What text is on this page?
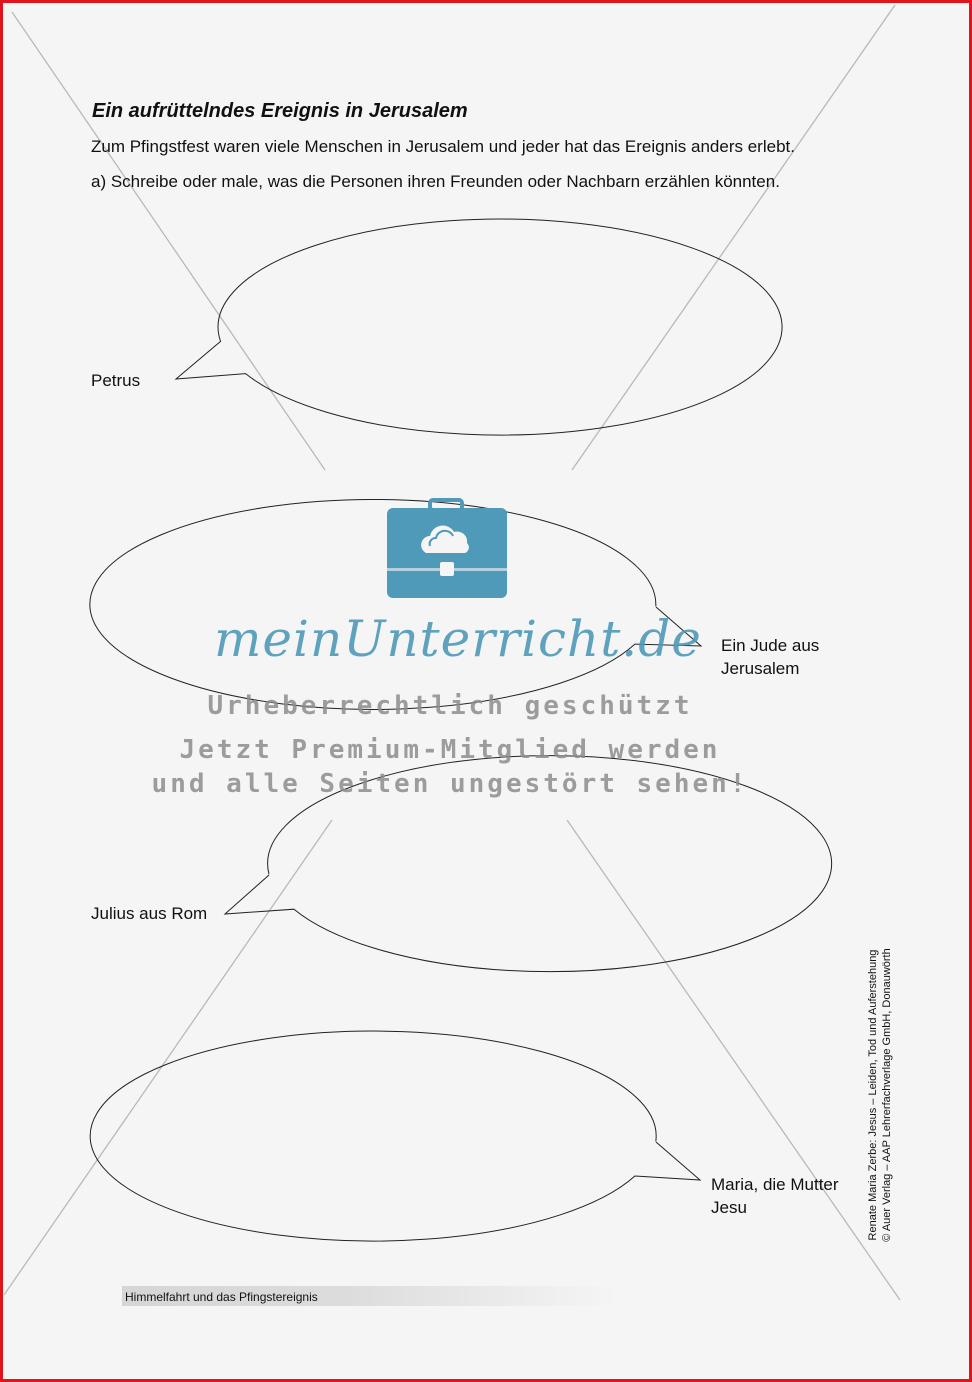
Ein aufrüttelndes Ereignis in Jerusalem
Zum Pfingstfest waren viele Menschen in Jerusalem und jeder hat das Ereignis anders erlebt.
a) Schreibe oder male, was die Personen ihren Freunden oder Nachbarn erzählen könnten.
Petrus
Ein Jude aus Jerusalem
Julius aus Rom
Maria, die Mutter Jesu
meinUnterricht.de
Urheberrechtlich geschützt
Jetzt Premium-Mitglied werden
und alle Seiten ungestört sehen!
Himmelfahrt und das Pfingstereignis
Renate Maria Zerbe: Jesus – Leiden, Tod und Auferstehung © Auer Verlag – AAP Lehrerfachverlage GmbH, Donauwörth
